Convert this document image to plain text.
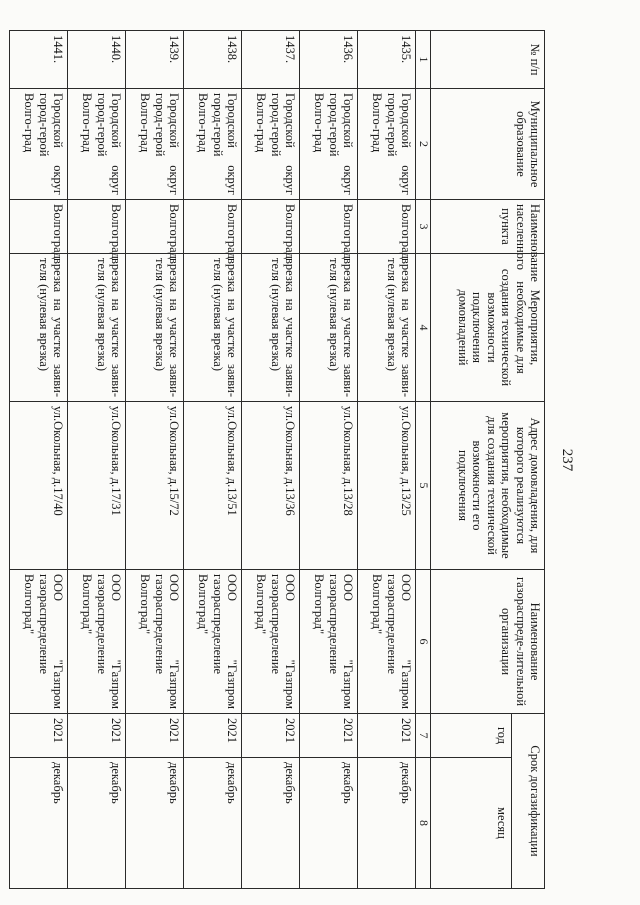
237
№ п/п	Муниципальное образование	Наименование населенного пункта	Мероприятия, необходимые для создания технической возможности подключения домовладений	Адрес домовладения, для которого реализуются мероприятия, необходимые для создания технической возможности его подключения	Наименование газораспреде-лительной организации	Срок догазификации	
						год	месяц
1	2	3	4	5	6	7	8
1435.	Городской округ город-герой Волго-град	Волгоград	врезка на участке заяви-теля (нулевая врезка)	ул.Окольная, д.13/25	ООО "Газпром газораспределение Волгоград"	2021	декабрь
1436.	Городской округ город-герой Волго-град	Волгоград	врезка на участке заяви-теля (нулевая врезка)	ул.Окольная, д.13/28	ООО "Газпром газораспределение Волгоград"	2021	декабрь
1437.	Городской округ город-герой Волго-град	Волгоград	врезка на участке заяви-теля (нулевая врезка)	ул.Окольная, д.13/36	ООО "Газпром газораспределение Волгоград"	2021	декабрь
1438.	Городской округ город-герой Волго-град	Волгоград	врезка на участке заяви-теля (нулевая врезка)	ул.Окольная, д.13/51	ООО "Газпром газораспределение Волгоград"	2021	декабрь
1439.	Городской округ город-герой Волго-град	Волгоград	врезка на участке заяви-теля (нулевая врезка)	ул.Окольная, д.15/72	ООО "Газпром газораспределение Волгоград"	2021	декабрь
1440.	Городской округ город-герой Волго-град	Волгоград	врезка на участке заяви-теля (нулевая врезка)	ул.Окольная, д.17/31	ООО "Газпром газораспределение Волгоград"	2021	декабрь
1441.	Городской округ город-герой Волго-град	Волгоград	врезка на участке заяви-теля (нулевая врезка)	ул.Окольная, д.17/40	ООО "Газпром газораспределение Волгоград"	2021	декабрь
